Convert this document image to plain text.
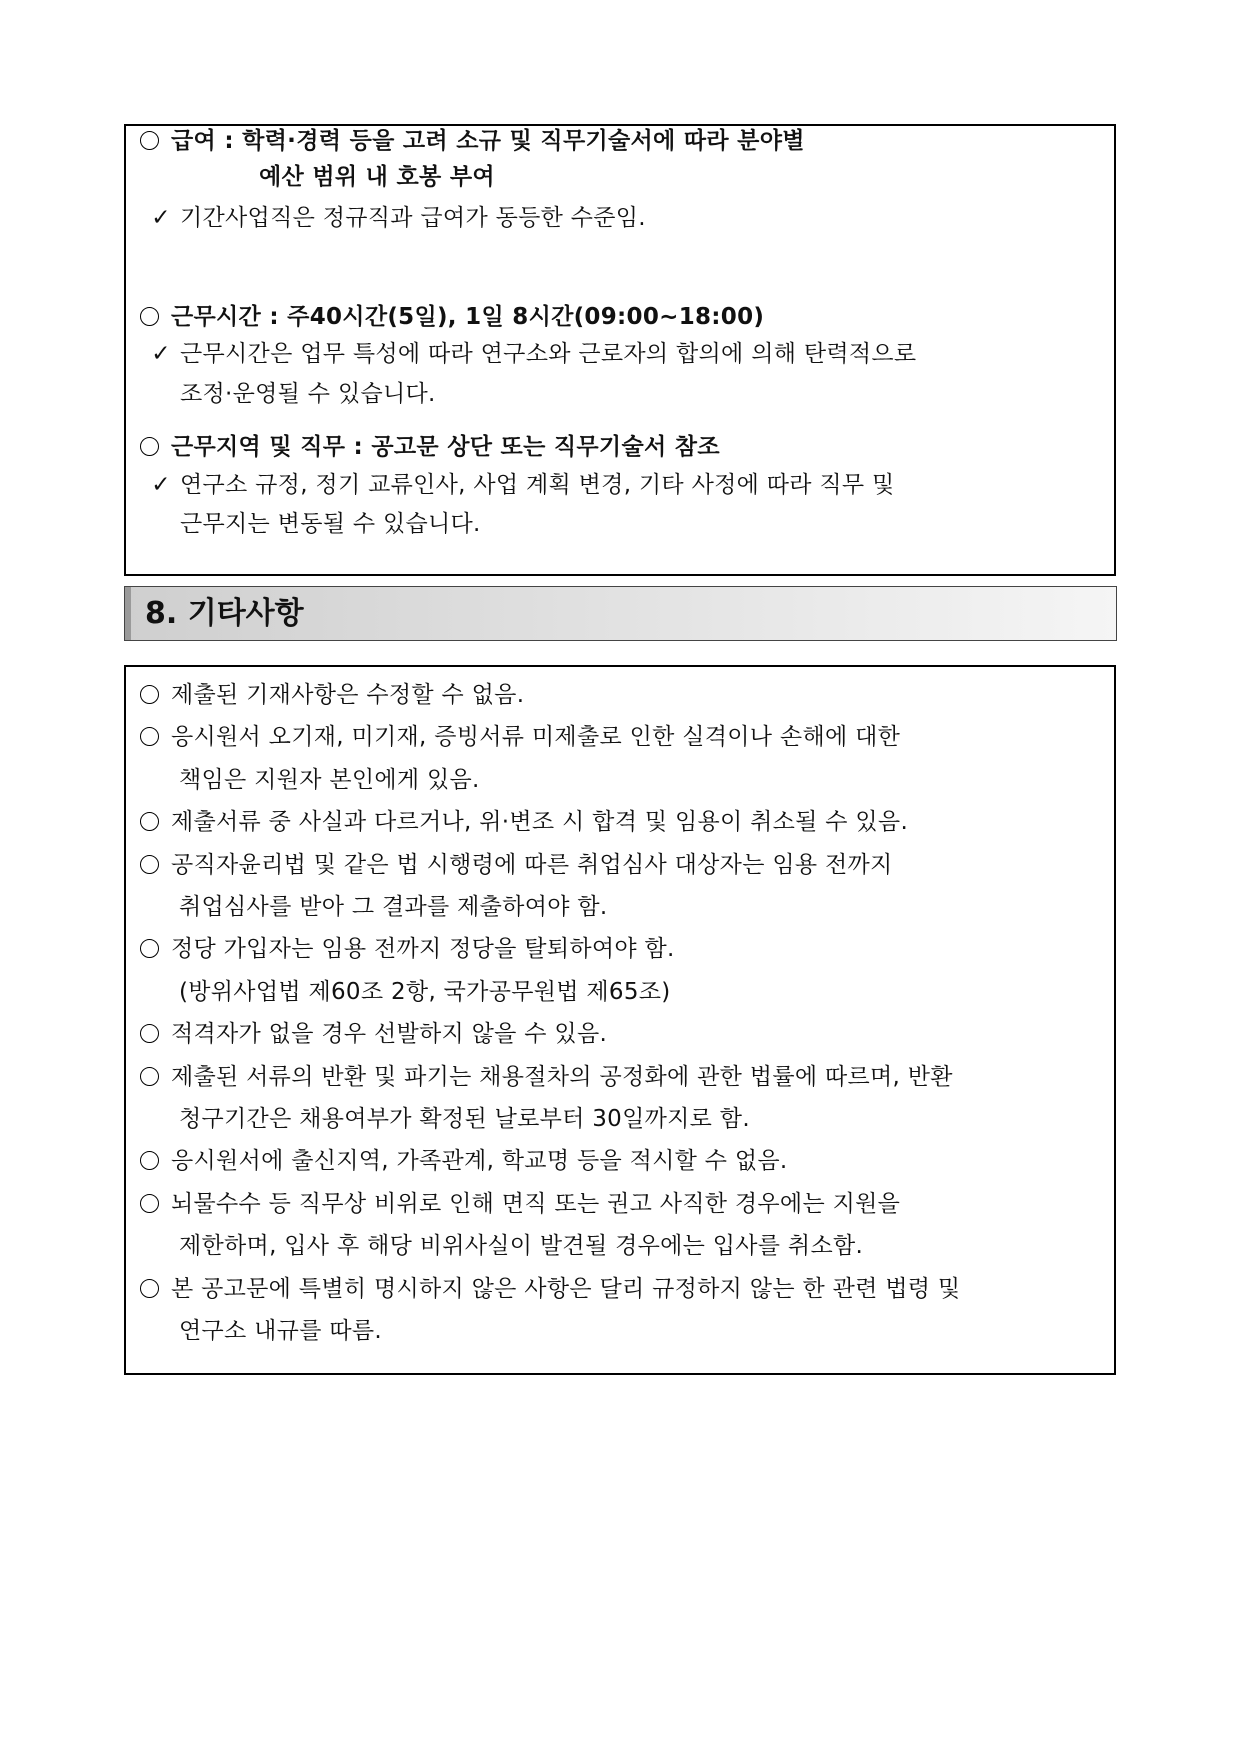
급여 : 학력·경력 등을 고려 소규 및 직무기술서에 따라 분야별
예산 범위 내 호봉 부여
✓ 기간사업직은 정규직과 급여가 동등한 수준임.
근무시간 : 주40시간(5일), 1일 8시간(09:00~18:00)
✓ 근무시간은 업무 특성에 따라 연구소와 근로자의 합의에 의해 탄력적으로
조정·운영될 수 있습니다.
근무지역 및 직무 : 공고문 상단 또는 직무기술서 참조
✓ 연구소 규정, 정기 교류인사, 사업 계획 변경, 기타 사정에 따라 직무 및
근무지는 변동될 수 있습니다.
8. 기타사항
제출된 기재사항은 수정할 수 없음.
응시원서 오기재, 미기재, 증빙서류 미제출로 인한 실격이나 손해에 대한
책임은 지원자 본인에게 있음.
제출서류 중 사실과 다르거나, 위·변조 시 합격 및 임용이 취소될 수 있음.
공직자윤리법 및 같은 법 시행령에 따른 취업심사 대상자는 임용 전까지
취업심사를 받아 그 결과를 제출하여야 함.
정당 가입자는 임용 전까지 정당을 탈퇴하여야 함.
(방위사업법 제60조 2항, 국가공무원법 제65조)
적격자가 없을 경우 선발하지 않을 수 있음.
제출된 서류의 반환 및 파기는 채용절차의 공정화에 관한 법률에 따르며, 반환
청구기간은 채용여부가 확정된 날로부터 30일까지로 함.
응시원서에 출신지역, 가족관계, 학교명 등을 적시할 수 없음.
뇌물수수 등 직무상 비위로 인해 면직 또는 권고 사직한 경우에는 지원을
제한하며, 입사 후 해당 비위사실이 발견될 경우에는 입사를 취소함.
본 공고문에 특별히 명시하지 않은 사항은 달리 규정하지 않는 한 관련 법령 및
연구소 내규를 따름.
